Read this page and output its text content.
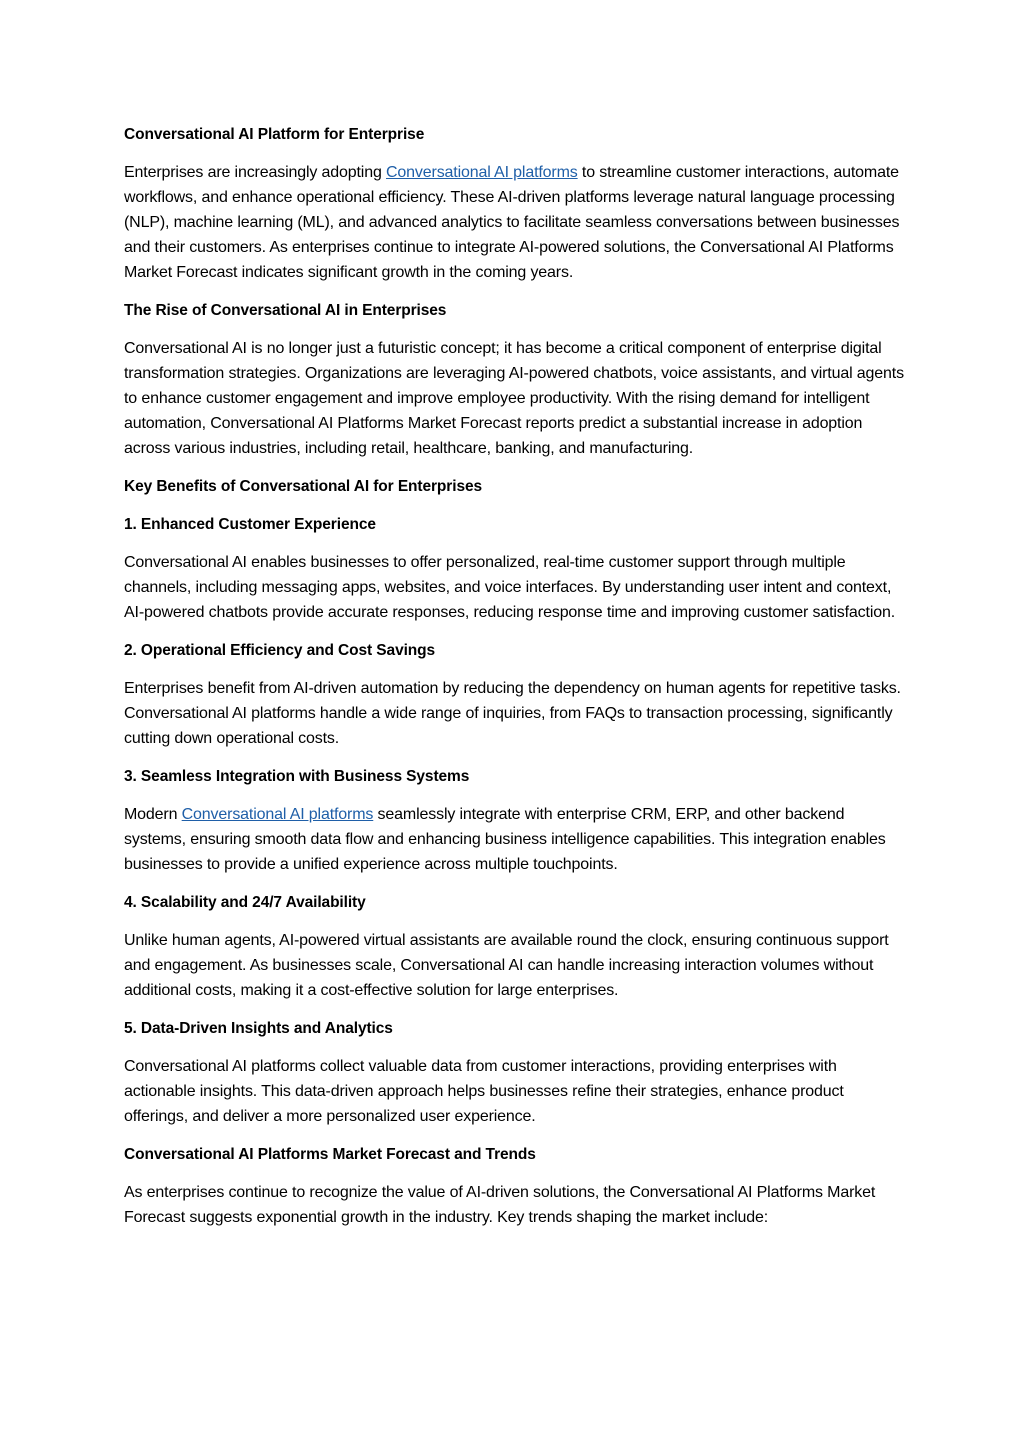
Conversational AI Platform for Enterprise

Enterprises are increasingly adopting Conversational AI platforms to streamline customer interactions, automate workflows, and enhance operational efficiency. These AI-driven platforms leverage natural language processing (NLP), machine learning (ML), and advanced analytics to facilitate seamless conversations between businesses and their customers. As enterprises continue to integrate AI-powered solutions, the Conversational AI Platforms Market Forecast indicates significant growth in the coming years.

The Rise of Conversational AI in Enterprises

Conversational AI is no longer just a futuristic concept; it has become a critical component of enterprise digital transformation strategies. Organizations are leveraging AI-powered chatbots, voice assistants, and virtual agents to enhance customer engagement and improve employee productivity. With the rising demand for intelligent automation, Conversational AI Platforms Market Forecast reports predict a substantial increase in adoption across various industries, including retail, healthcare, banking, and manufacturing.

Key Benefits of Conversational AI for Enterprises
1. Enhanced Customer Experience

Conversational AI enables businesses to offer personalized, real-time customer support through multiple channels, including messaging apps, websites, and voice interfaces. By understanding user intent and context, AI-powered chatbots provide accurate responses, reducing response time and improving customer satisfaction.

2. Operational Efficiency and Cost Savings

Enterprises benefit from AI-driven automation by reducing the dependency on human agents for repetitive tasks. Conversational AI platforms handle a wide range of inquiries, from FAQs to transaction processing, significantly cutting down operational costs.

3. Seamless Integration with Business Systems

Modern Conversational AI platforms seamlessly integrate with enterprise CRM, ERP, and other backend systems, ensuring smooth data flow and enhancing business intelligence capabilities. This integration enables businesses to provide a unified experience across multiple touchpoints.

4. Scalability and 24/7 Availability

Unlike human agents, AI-powered virtual assistants are available round the clock, ensuring continuous support and engagement. As businesses scale, Conversational AI can handle increasing interaction volumes without additional costs, making it a cost-effective solution for large enterprises.

5. Data-Driven Insights and Analytics

Conversational AI platforms collect valuable data from customer interactions, providing enterprises with actionable insights. This data-driven approach helps businesses refine their strategies, enhance product offerings, and deliver a more personalized user experience.

Conversational AI Platforms Market Forecast and Trends

As enterprises continue to recognize the value of AI-driven solutions, the Conversational AI Platforms Market Forecast suggests exponential growth in the industry. Key trends shaping the market include:
